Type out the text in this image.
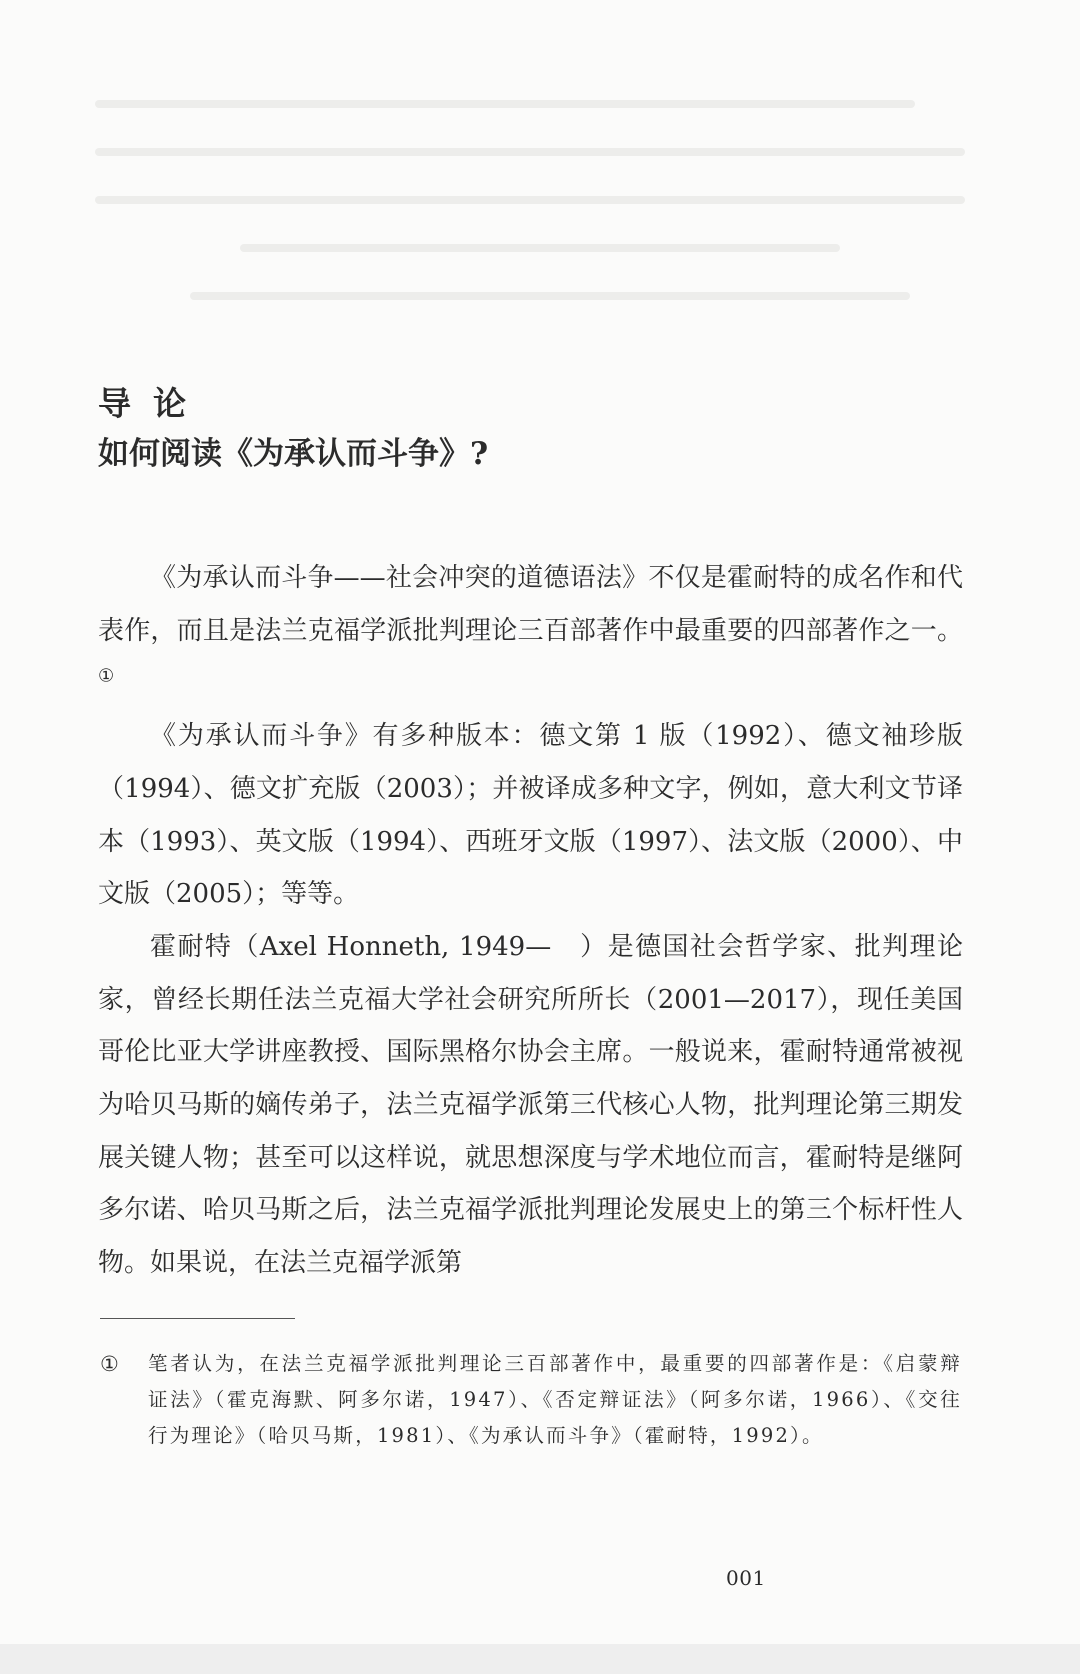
导论
如何阅读《为承认而斗争》?

《为承认而斗争——社会冲突的道德语法》不仅是霍耐特的成名作和代表作，而且是法兰克福学派批判理论三百部著作中最重要的四部著作之一。①

《为承认而斗争》有多种版本：德文第 1 版（1992）、德文袖珍版（1994）、德文扩充版（2003）；并被译成多种文字，例如，意大利文节译本（1993）、英文版（1994）、西班牙文版（1997）、法文版（2000）、中文版（2005）；等等。

霍耐特（Axel Honneth, 1949—　）是德国社会哲学家、批判理论家，曾经长期任法兰克福大学社会研究所所长（2001—2017），现任美国哥伦比亚大学讲座教授、国际黑格尔协会主席。一般说来，霍耐特通常被视为哈贝马斯的嫡传弟子，法兰克福学派第三代核心人物，批判理论第三期发展关键人物；甚至可以这样说，就思想深度与学术地位而言，霍耐特是继阿多尔诺、哈贝马斯之后，法兰克福学派批判理论发展史上的第三个标杆性人物。如果说，在法兰克福学派第

①	笔者认为，在法兰克福学派批判理论三百部著作中，最重要的四部著作是：《启蒙辩证法》（霍克海默、阿多尔诺，1947）、《否定辩证法》（阿多尔诺，1966）、《交往行为理论》（哈贝马斯，1981）、《为承认而斗争》（霍耐特，1992）。
001
